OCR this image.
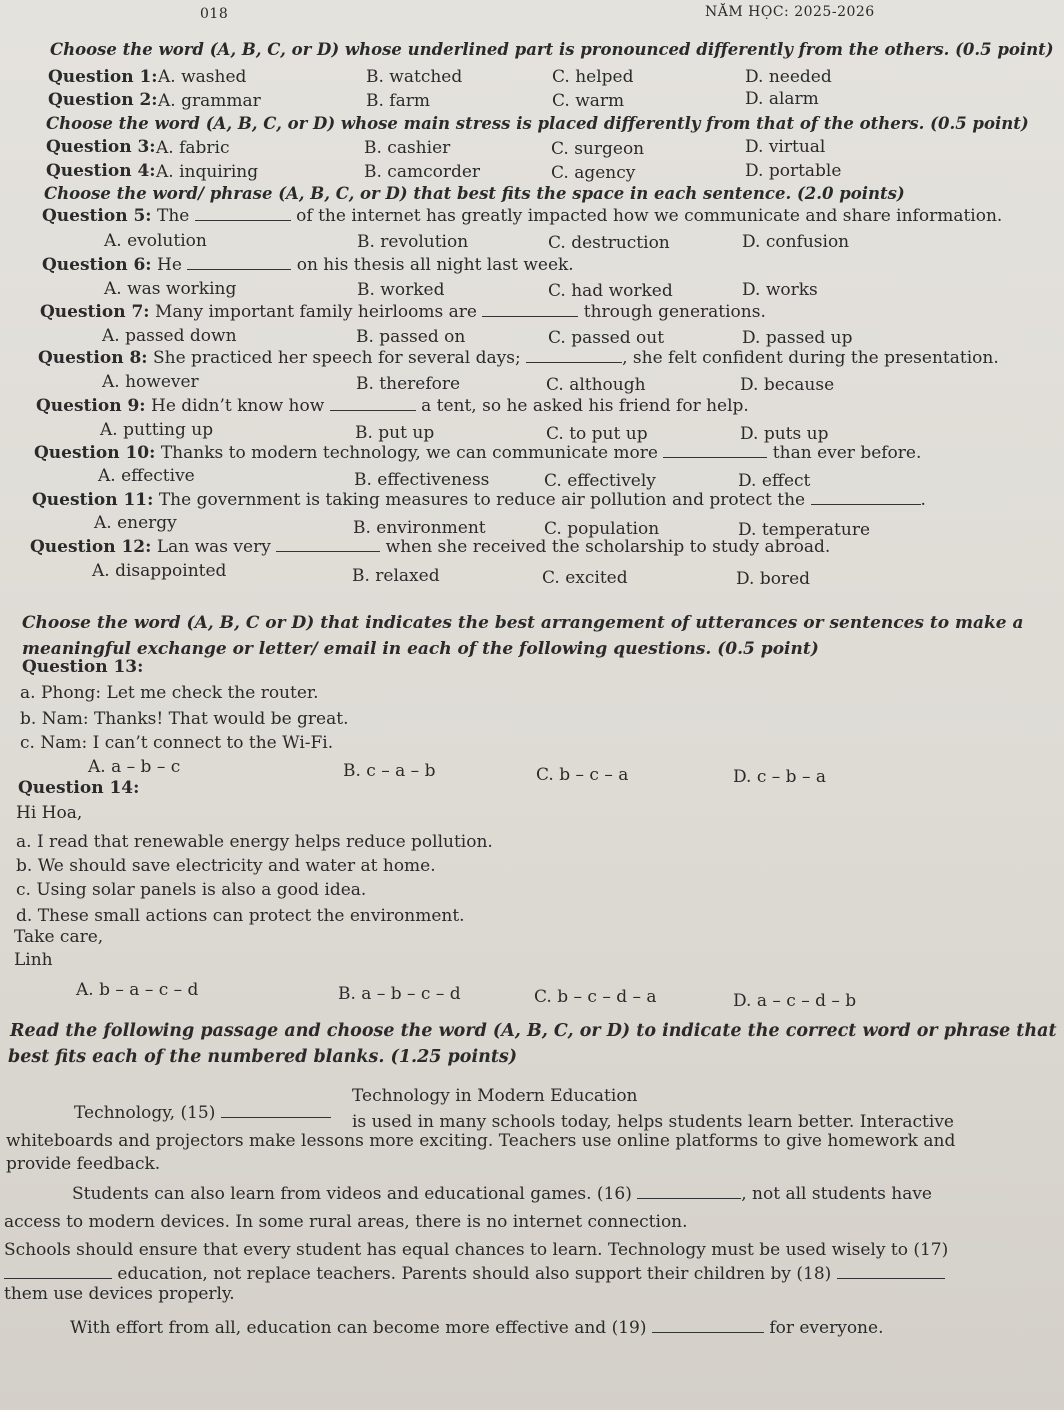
018	NĂM HỌC: 2025-2026
Choose the word (A, B, C, or D) whose underlined part is pronounced differently from the others. (0.5 point)
Question 1: A. washed	B. watched	C. helped	D. needed
Question 2: A. grammar	B. farm	C. warm	D. alarm
Choose the word (A, B, C, or D) whose main stress is placed differently from that of the others. (0.5 point)
Question 3: A. fabric	B. cashier	C. surgeon	D. virtual
Question 4: A. inquiring	B. camcorder	C. agency	D. portable
Choose the word/ phrase (A, B, C, or D) that best fits the space in each sentence. (2.0 points)
Question 5: The	of the internet has greatly impacted how we communicate and share information.
A. evolution	B. revolution	C. destruction	D. confusion
Question 6: He	on his thesis all night last week.
A. was working	B. worked	C. had worked	D. works
Question 7: Many important family heirlooms are	through generations.
A. passed down	B. passed on	C. passed out	D. passed up
Question 8: She practiced her speech for several days;	, she felt confident during the presentation.
A. however	B. therefore	C. although	D. because
Question 9: He didn’t know how	a tent, so he asked his friend for help.
A. putting up	B. put up	C. to put up	D. puts up
Question 10: Thanks to modern technology, we can communicate more	than ever before.
A. effective	B. effectiveness	C. effectively	D. effect
Question 11: The government is taking measures to reduce air pollution and protect the	.
A. energy	B. environment	C. population	D. temperature
Question 12: Lan was very	when she received the scholarship to study abroad.
A. disappointed	B. relaxed	C. excited	D. bored
Choose the word (A, B, C or D) that indicates the best arrangement of utterances or sentences to make a
meaningful exchange or letter/ email in each of the following questions. (0.5 point)
Question 13:
a. Phong: Let me check the router.
b. Nam: Thanks! That would be great.
c. Nam: I can’t connect to the Wi-Fi.
A. a – b – c	B. c – a – b	C. b – c – a	D. c – b – a
Question 14:
Hi Hoa,
a. I read that renewable energy helps reduce pollution.
b. We should save electricity and water at home.
c. Using solar panels is also a good idea.
d. These small actions can protect the environment.
Take care,
Linh
A. b – a – c – d	B. a – b – c – d	C. b – c – d – a	D. a – c – d – b
Read the following passage and choose the word (A, B, C, or D) to indicate the correct word or phrase that
best fits each of the numbered blanks. (1.25 points)
Technology in Modern Education
Technology, (15)	is used in many schools today, helps students learn better. Interactive
whiteboards and projectors make lessons more exciting. Teachers use online platforms to give homework and
provide feedback.
Students can also learn from videos and educational games. (16)	, not all students have
access to modern devices. In some rural areas, there is no internet connection.
Schools should ensure that every student has equal chances to learn. Technology must be used wisely to (17)
education, not replace teachers. Parents should also support their children by (18)
them use devices properly.
With effort from all, education can become more effective and (19)	for everyone.
